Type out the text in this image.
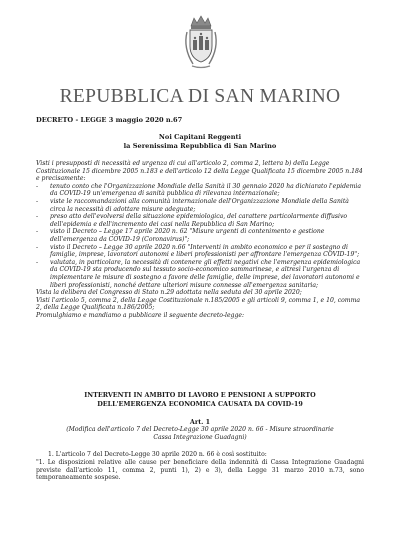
REPUBBLICA DI SAN MARINO
DECRETO - LEGGE 3 maggio 2020 n.67
Noi Capitani Reggenti
la Serenissima Repubblica di San Marino

Visti i presupposti di necessità ed urgenza di cui all'articolo 2, comma 2, lettera b) della Legge Costituzionale 15 dicembre 2005 n.183 e dell'articolo 12 della Legge Qualificata 15 dicembre 2005 n.184 e precisamente:

- tenuto conto che l'Organizzazione Mondiale della Sanità il 30 gennaio 2020 ha dichiarato l'epidemia da COVID-19 un'emergenza di sanità pubblica di rilevanza internazionale;

- viste le raccomandazioni alla comunità internazionale dell'Organizzazione Mondiale della Sanità circa la necessità di adottare misure adeguate;

- preso atto dell'evolversi della situazione epidemiologica, del carattere particolarmente diffusivo dell'epidemia e dell'incremento dei casi nella Repubblica di San Marino;

- visto il Decreto – Legge 17 aprile 2020 n. 62 "Misure urgenti di contenimento e gestione dell'emergenza da COVID-19 (Coronavirus)";

- visto il Decreto – Legge 30 aprile 2020 n.66 "Interventi in ambito economico e per il sostegno di famiglie, imprese, lavoratori autonomi e liberi professionisti per affrontare l'emergenza COVID-19";

- valutata, in particolare, la necessità di contenere gli effetti negativi che l'emergenza epidemiologica da COVID-19 sta producendo sul tessuto socio-economico sammarinese, e altresì l'urgenza di implementare le misure di sostegno a favore delle famiglie, delle imprese, dei lavoratori autonomi e liberi professionisti, nonché dettare ulteriori misure connesse all'emergenza sanitaria;

Vista la delibera del Congresso di Stato n.29 adottata nella seduta del 30 aprile 2020;

Visti l'articolo 5, comma 2, della Legge Costituzionale n.185/2005 e gli articoli 9, comma 1, e 10, comma 2, della Legge Qualificata n.186/2005;

Promulghiamo e mandiamo a pubblicare il seguente decreto-legge:

INTERVENTI IN AMBITO DI LAVORO E PENSIONI A SUPPORTO
DELL'EMERGENZA ECONOMICA CAUSATA DA COVID-19
Art. 1
(Modifica dell'articolo 7 del Decreto-Legge 30 aprile 2020 n. 66 - Misure straordinarie Cassa Integrazione Guadagni)

1. L'articolo 7 del Decreto-Legge 30 aprile 2020 n. 66 è così sostituito:

"1. Le disposizioni relative alle cause per beneficiare della indennità di Cassa Integrazione Guadagni previste dall'articolo 11, comma 2, punti 1), 2) e 3), della Legge 31 marzo 2010 n.73, sono temporaneamente sospese.
